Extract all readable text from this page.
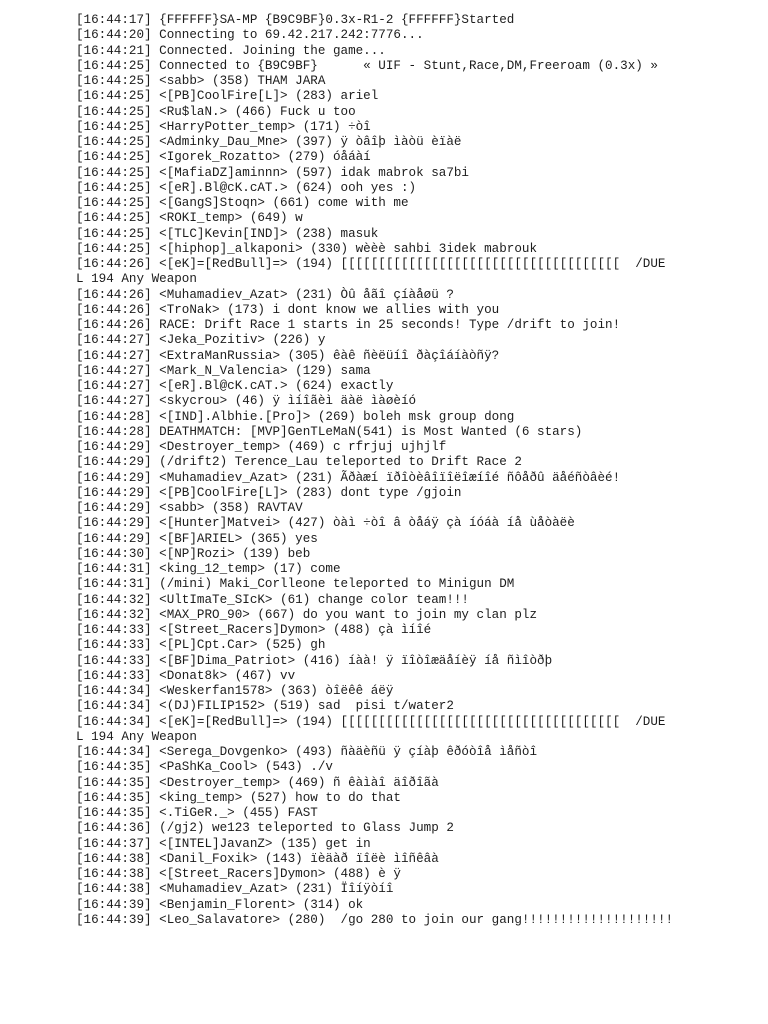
[16:44:17] {FFFFFF}SA-MP {B9C9BF}0.3x-R1-2 {FFFFFF}Started
[16:44:20] Connecting to 69.42.217.242:7776...
[16:44:21] Connected. Joining the game...
[16:44:25] Connected to {B9C9BF}      « UIF - Stunt,Race,DM,Freeroam (0.3x) »
[16:44:25] <sabb> (358) THAM JARA
[16:44:25] <[PB]CoolFire[L]> (283) ariel
[16:44:25] <Ru$laN.> (466) Fuck u too
[16:44:25] <HarryPotter_temp> (171) ÷òî
[16:44:25] <Adminky_Dau_Mne> (397) ÿ òâîþ ìàòü èïàë
[16:44:25] <Igorek_Rozatto> (279) óåáàí
[16:44:25] <[MafiaDZ]aminnn> (597) idak mabrok sa7bi
[16:44:25] <[eR].Bl@cK.cAT.> (624) ooh yes :)
[16:44:25] <[GangS]Stoqn> (661) come with me
[16:44:25] <ROKI_temp> (649) w
[16:44:25] <[TLC]Kevin[IND]> (238) masuk
[16:44:25] <[hiphop]_alkaponi> (330) wèèè sahbi 3idek mabrouk
[16:44:26] <[eK]=[RedBull]=> (194) [[[[[[[[[[[[[[[[[[[[[[[[[[[[[[[[[[[[[  /DUE
L 194 Any Weapon
[16:44:26] <Muhamadiev_Azat> (231) Òû åãî çíàåøü ?
[16:44:26] <TroNak> (173) i dont know we allies with you
[16:44:26] RACE: Drift Race 1 starts in 25 seconds! Type /drift to join!
[16:44:27] <Jeka_Pozitiv> (226) y
[16:44:27] <ExtraManRussia> (305) êàê ñèëüíî ðàçîáíàòñÿ?
[16:44:27] <Mark_N_Valencia> (129) sama
[16:44:27] <[eR].Bl@cK.cAT.> (624) exactly
[16:44:27] <skycrou> (46) ÿ ìíîãèì äàë ìàøèíó
[16:44:28] <[IND].Albhie.[Pro]> (269) boleh msk group dong
[16:44:28] DEATHMATCH: [MVP]GenTLeMaN(541) is Most Wanted (6 stars)
[16:44:29] <Destroyer_temp> (469) c rfrjuj ujhjlf
[16:44:29] (/drift2) Terence_Lau teleported to Drift Race 2
[16:44:29] <Muhamadiev_Azat> (231) Ãðàæí ïðîòèâîïîëîæíîé ñôåðû äåéñòâèé!
[16:44:29] <[PB]CoolFire[L]> (283) dont type /gjoin
[16:44:29] <sabb> (358) RAVTAV
[16:44:29] <[Hunter]Matvei> (427) òàì ÷òî â òåáÿ çà íóáà íå ùåòàëè
[16:44:29] <[BF]ARIEL> (365) yes
[16:44:30] <[NP]Rozi> (139) beb
[16:44:31] <king_12_temp> (17) come
[16:44:31] (/mini) Maki_Corlleone teleported to Minigun DM
[16:44:32] <UltImaTe_SIcK> (61) change color team!!!
[16:44:32] <MAX_PRO_90> (667) do you want to join my clan plz
[16:44:33] <[Street_Racers]Dymon> (488) çà ìíîé
[16:44:33] <[PL]Cpt.Car> (525) gh
[16:44:33] <[BF]Dima_Patriot> (416) íàà! ÿ ïîòîæäåíèÿ íå ñìîòðþ
[16:44:33] <Donat8k> (467) vv
[16:44:34] <Weskerfan1578> (363) òîëêê áëÿ
[16:44:34] <(DJ)FILIP152> (519) sad  pisi t/water2
[16:44:34] <[eK]=[RedBull]=> (194) [[[[[[[[[[[[[[[[[[[[[[[[[[[[[[[[[[[[[  /DUE
L 194 Any Weapon
[16:44:34] <Serega_Dovgenko> (493) ñàäèñü ÿ çíàþ êðóòîå ìåñòî
[16:44:35] <PaShKa_Cool> (543) ./v
[16:44:35] <Destroyer_temp> (469) ñ êàìàî äîðîãà
[16:44:35] <king_temp> (527) how to do that
[16:44:35] <.TiGeR._> (455) FAST
[16:44:36] (/gj2) we123 teleported to Glass Jump 2
[16:44:37] <[INTEL]JavanZ> (135) get in
[16:44:38] <Danil_Foxik> (143) ïèäàð ïîëè ìîñêâà
[16:44:38] <[Street_Racers]Dymon> (488) è ÿ
[16:44:38] <Muhamadiev_Azat> (231) Ïîíÿòíî
[16:44:39] <Benjamin_Florent> (314) ok
[16:44:39] <Leo_Salavatore> (280)  /go 280 to join our gang!!!!!!!!!!!!!!!!!!!!
